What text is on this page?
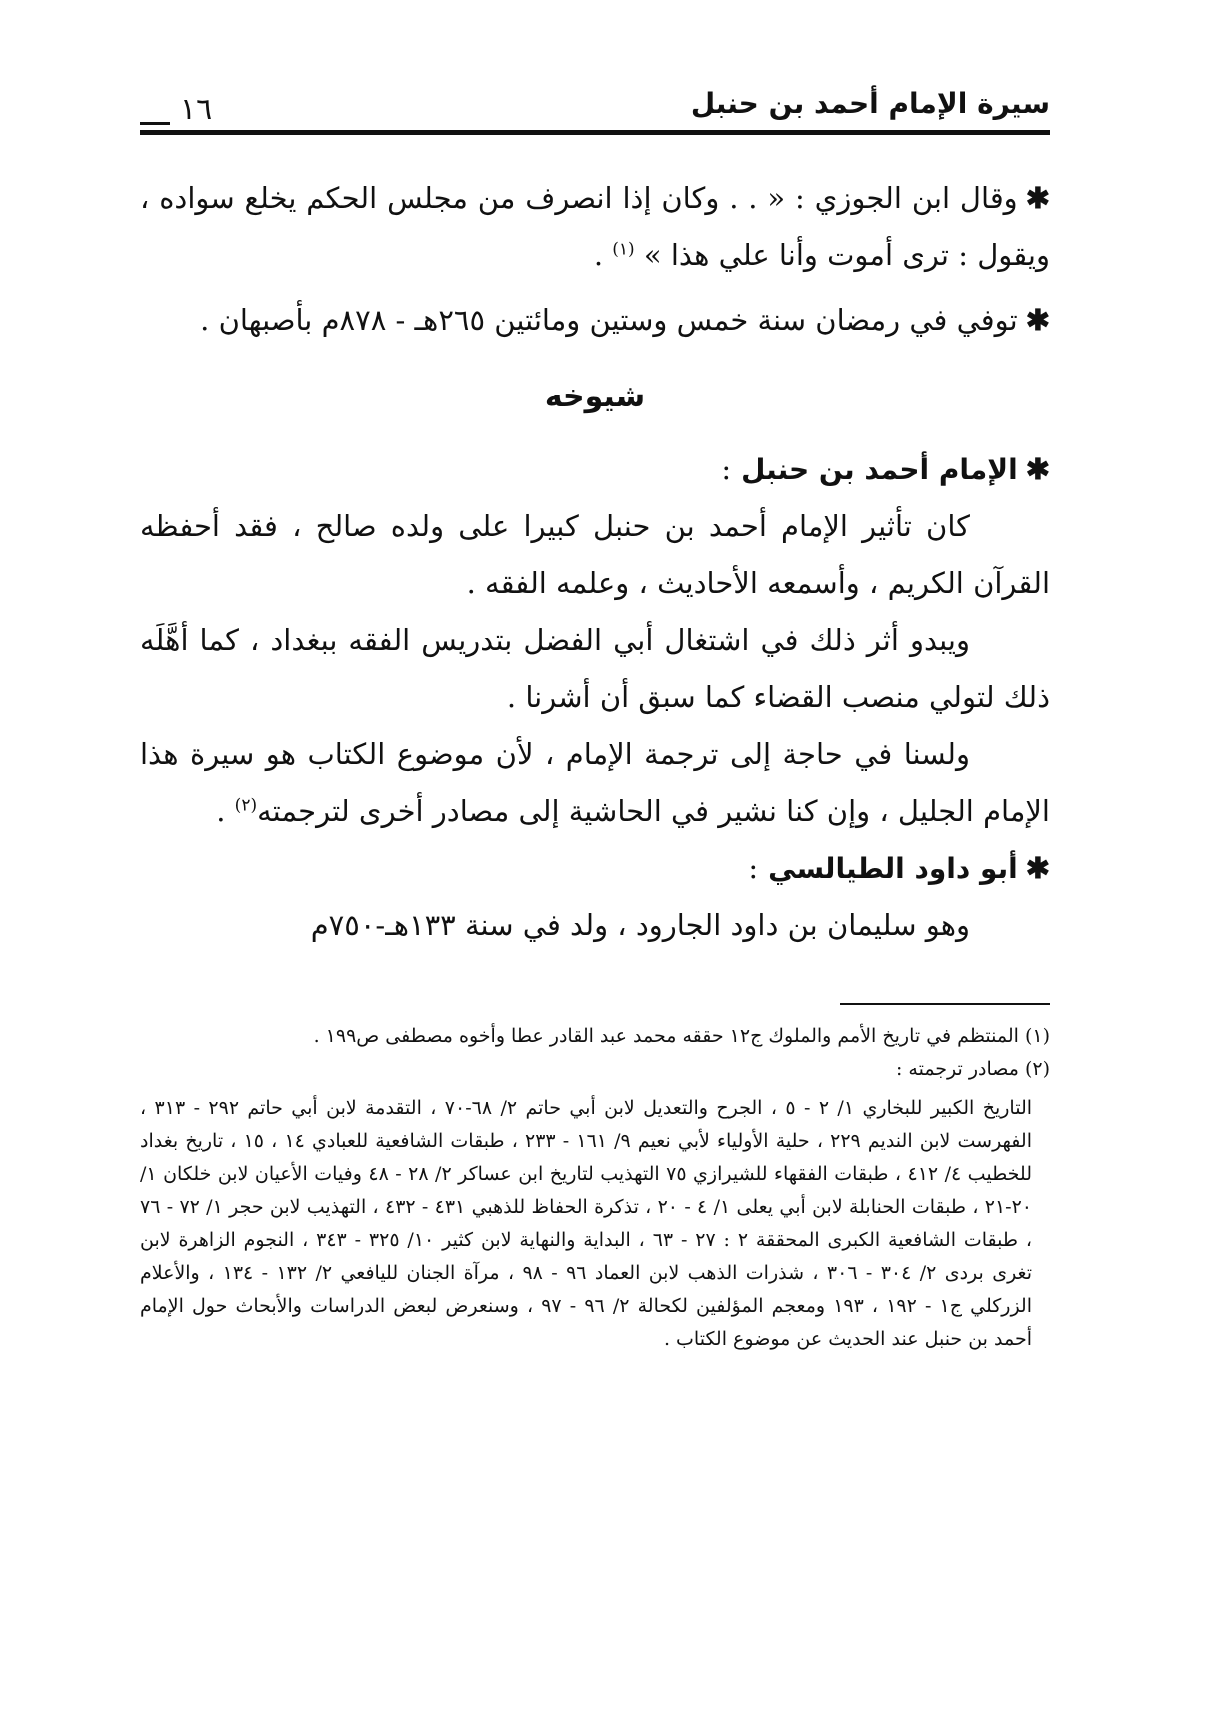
سيرة الإمام أحمد بن حنبل
١٦

✱وقال ابن الجوزي : « . . وكان إذا انصرف من مجلس الحكم يخلع سواده ، ويقول : ترى أموت وأنا علي هذا » $^{(١)}$ .

✱توفي في رمضان سنة خمس وستين ومائتين ٢٦٥هـ - ٨٧٨م بأصبهان .

شيوخه

✱الإمام أحمد بن حنبل:

كان تأثير الإمام أحمد بن حنبل كبيرا على ولده صالح ، فقد أحفظه القرآن الكريم ، وأسمعه الأحاديث ، وعلمه الفقه .

ويبدو أثر ذلك في اشتغال أبي الفضل بتدريس الفقه ببغداد ، كما أهَّلَه ذلك لتولي منصب القضاء كما سبق أن أشرنا .

ولسنا في حاجة إلى ترجمة الإمام ، لأن موضوع الكتاب هو سيرة هذا الإمام الجليل ، وإن كنا نشير في الحاشية إلى مصادر أخرى لترجمته$^{(٢)}$ .

✱أبو داود الطيالسي:

وهو سليمان بن داود الجارود ، ولد في سنة ١٣٣هـ-٧٥٠م

(١)المنتظم في تاريخ الأمم والملوك ج١٢ حققه محمد عبد القادر عطا وأخوه مصطفى ص١٩٩ .

(٢)مصادر ترجمته :

التاريخ الكبير للبخاري ١/ ٢ - ٥ ، الجرح والتعديل لابن أبي حاتم ٢/ ٦٨-٧٠ ، التقدمة لابن أبي حاتم ٢٩٢ - ٣١٣ ، الفهرست لابن النديم ٢٢٩ ، حلية الأولياء لأبي نعيم ٩/ ١٦١ - ٢٣٣ ، طبقات الشافعية للعبادي ١٤ ، ١٥ ، تاريخ بغداد للخطيب ٤/ ٤١٢ ، طبقات الفقهاء للشيرازي ٧٥ التهذيب لتاريخ ابن عساكر ٢/ ٢٨ - ٤٨ وفيات الأعيان لابن خلكان ١/ ٢٠-٢١ ، طبقات الحنابلة لابن أبي يعلى ١/ ٤ - ٢٠ ، تذكرة الحفاظ للذهبي ٤٣١ - ٤٣٢ ، التهذيب لابن حجر ١/ ٧٢ - ٧٦ ، طبقات الشافعية الكبرى المحققة ٢ : ٢٧ - ٦٣ ، البداية والنهاية لابن كثير ١٠/ ٣٢٥ - ٣٤٣ ، النجوم الزاهرة لابن تغرى بردى ٢/ ٣٠٤ - ٣٠٦ ، شذرات الذهب لابن العماد ٩٦ - ٩٨ ، مرآة الجنان لليافعي ٢/ ١٣٢ - ١٣٤ ، والأعلام الزركلي ج١ - ١٩٢ ، ١٩٣ ومعجم المؤلفين لكحالة ٢/ ٩٦ - ٩٧ ، وسنعرض لبعض الدراسات والأبحاث حول الإمام أحمد بن حنبل عند الحديث عن موضوع الكتاب .
